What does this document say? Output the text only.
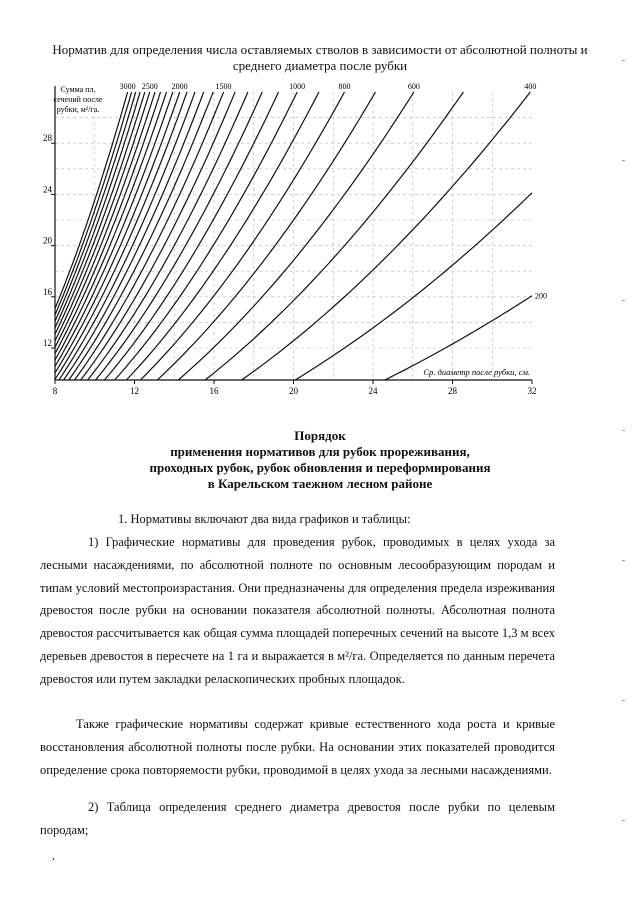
Норматив для определения числа оставляемых стволов в зависимости от абсолютной полноты и среднего диаметра после рубки
8	12	16	20	24	28	32
12
16
20
24
28
Сумма пл. сечений после рубки, м²/га.
Ср. диаметр после рубки, см.
3000 2500 2000	1500	1000	800	600	400
200
Порядок
применения нормативов для рубок прореживания,
проходных рубок, рубок обновления и переформирования
в Карельском таежном лесном районе
1. Нормативы включают два вида графиков и таблицы:
1) Графические нормативы для проведения рубок, проводимых в целях ухода за лесными насаждениями, по абсолютной полноте по основным лесообразующим породам и типам условий местопроизрастания. Они предназначены для определения предела изреживания древостоя после рубки на основании показателя абсолютной полноты. Абсолютная полнота древостоя рассчитывается как общая сумма площадей поперечных сечений на высоте 1,3 м всех деревьев древостоя в пересчете на 1 га и выражается в м²/га. Определяется по данным перечета древостоя или путем закладки реласкопических пробных площадок.
Также графические нормативы содержат кривые естественного хода роста и кривые восстановления абсолютной полноты после рубки. На основании этих показателей проводится определение срока повторяемости рубки, проводимой в целях ухода за лесными насаждениями.
2) Таблица определения среднего диаметра древостоя после рубки по целевым породам;
,
